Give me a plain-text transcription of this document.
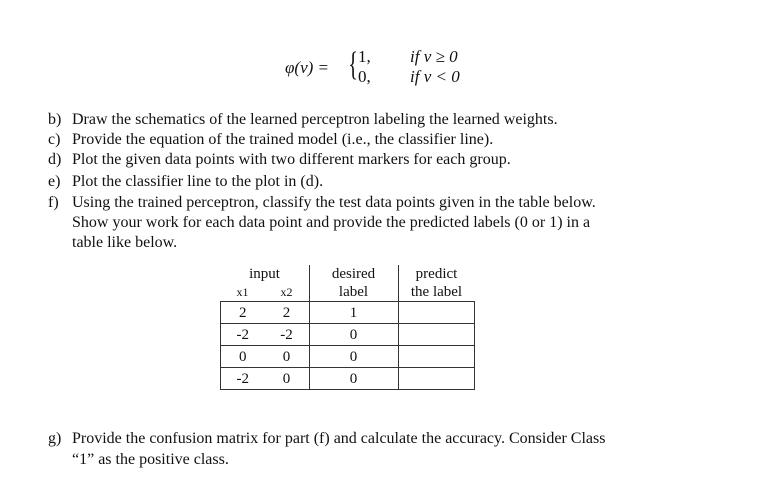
φ(v) = { 1, if v ≥ 0
0, if v < 0
b) Draw the schematics of the learned perceptron labeling the learned weights.
c) Provide the equation of the trained model (i.e., the classifier line).
d) Plot the given data points with two different markers for each group.
e) Plot the classifier line to the plot in (d).
f) Using the trained perceptron, classify the test data points given in the table below.
Show your work for each data point and provide the predicted labels (0 or 1) in a
table like below.
input		desired	predict
x1	x2	label	the label
2	2	1	
-2	-2	0	
0	0	0	
-2	0	0	
g) Provide the confusion matrix for part (f) and calculate the accuracy. Consider Class
“1” as the positive class.
